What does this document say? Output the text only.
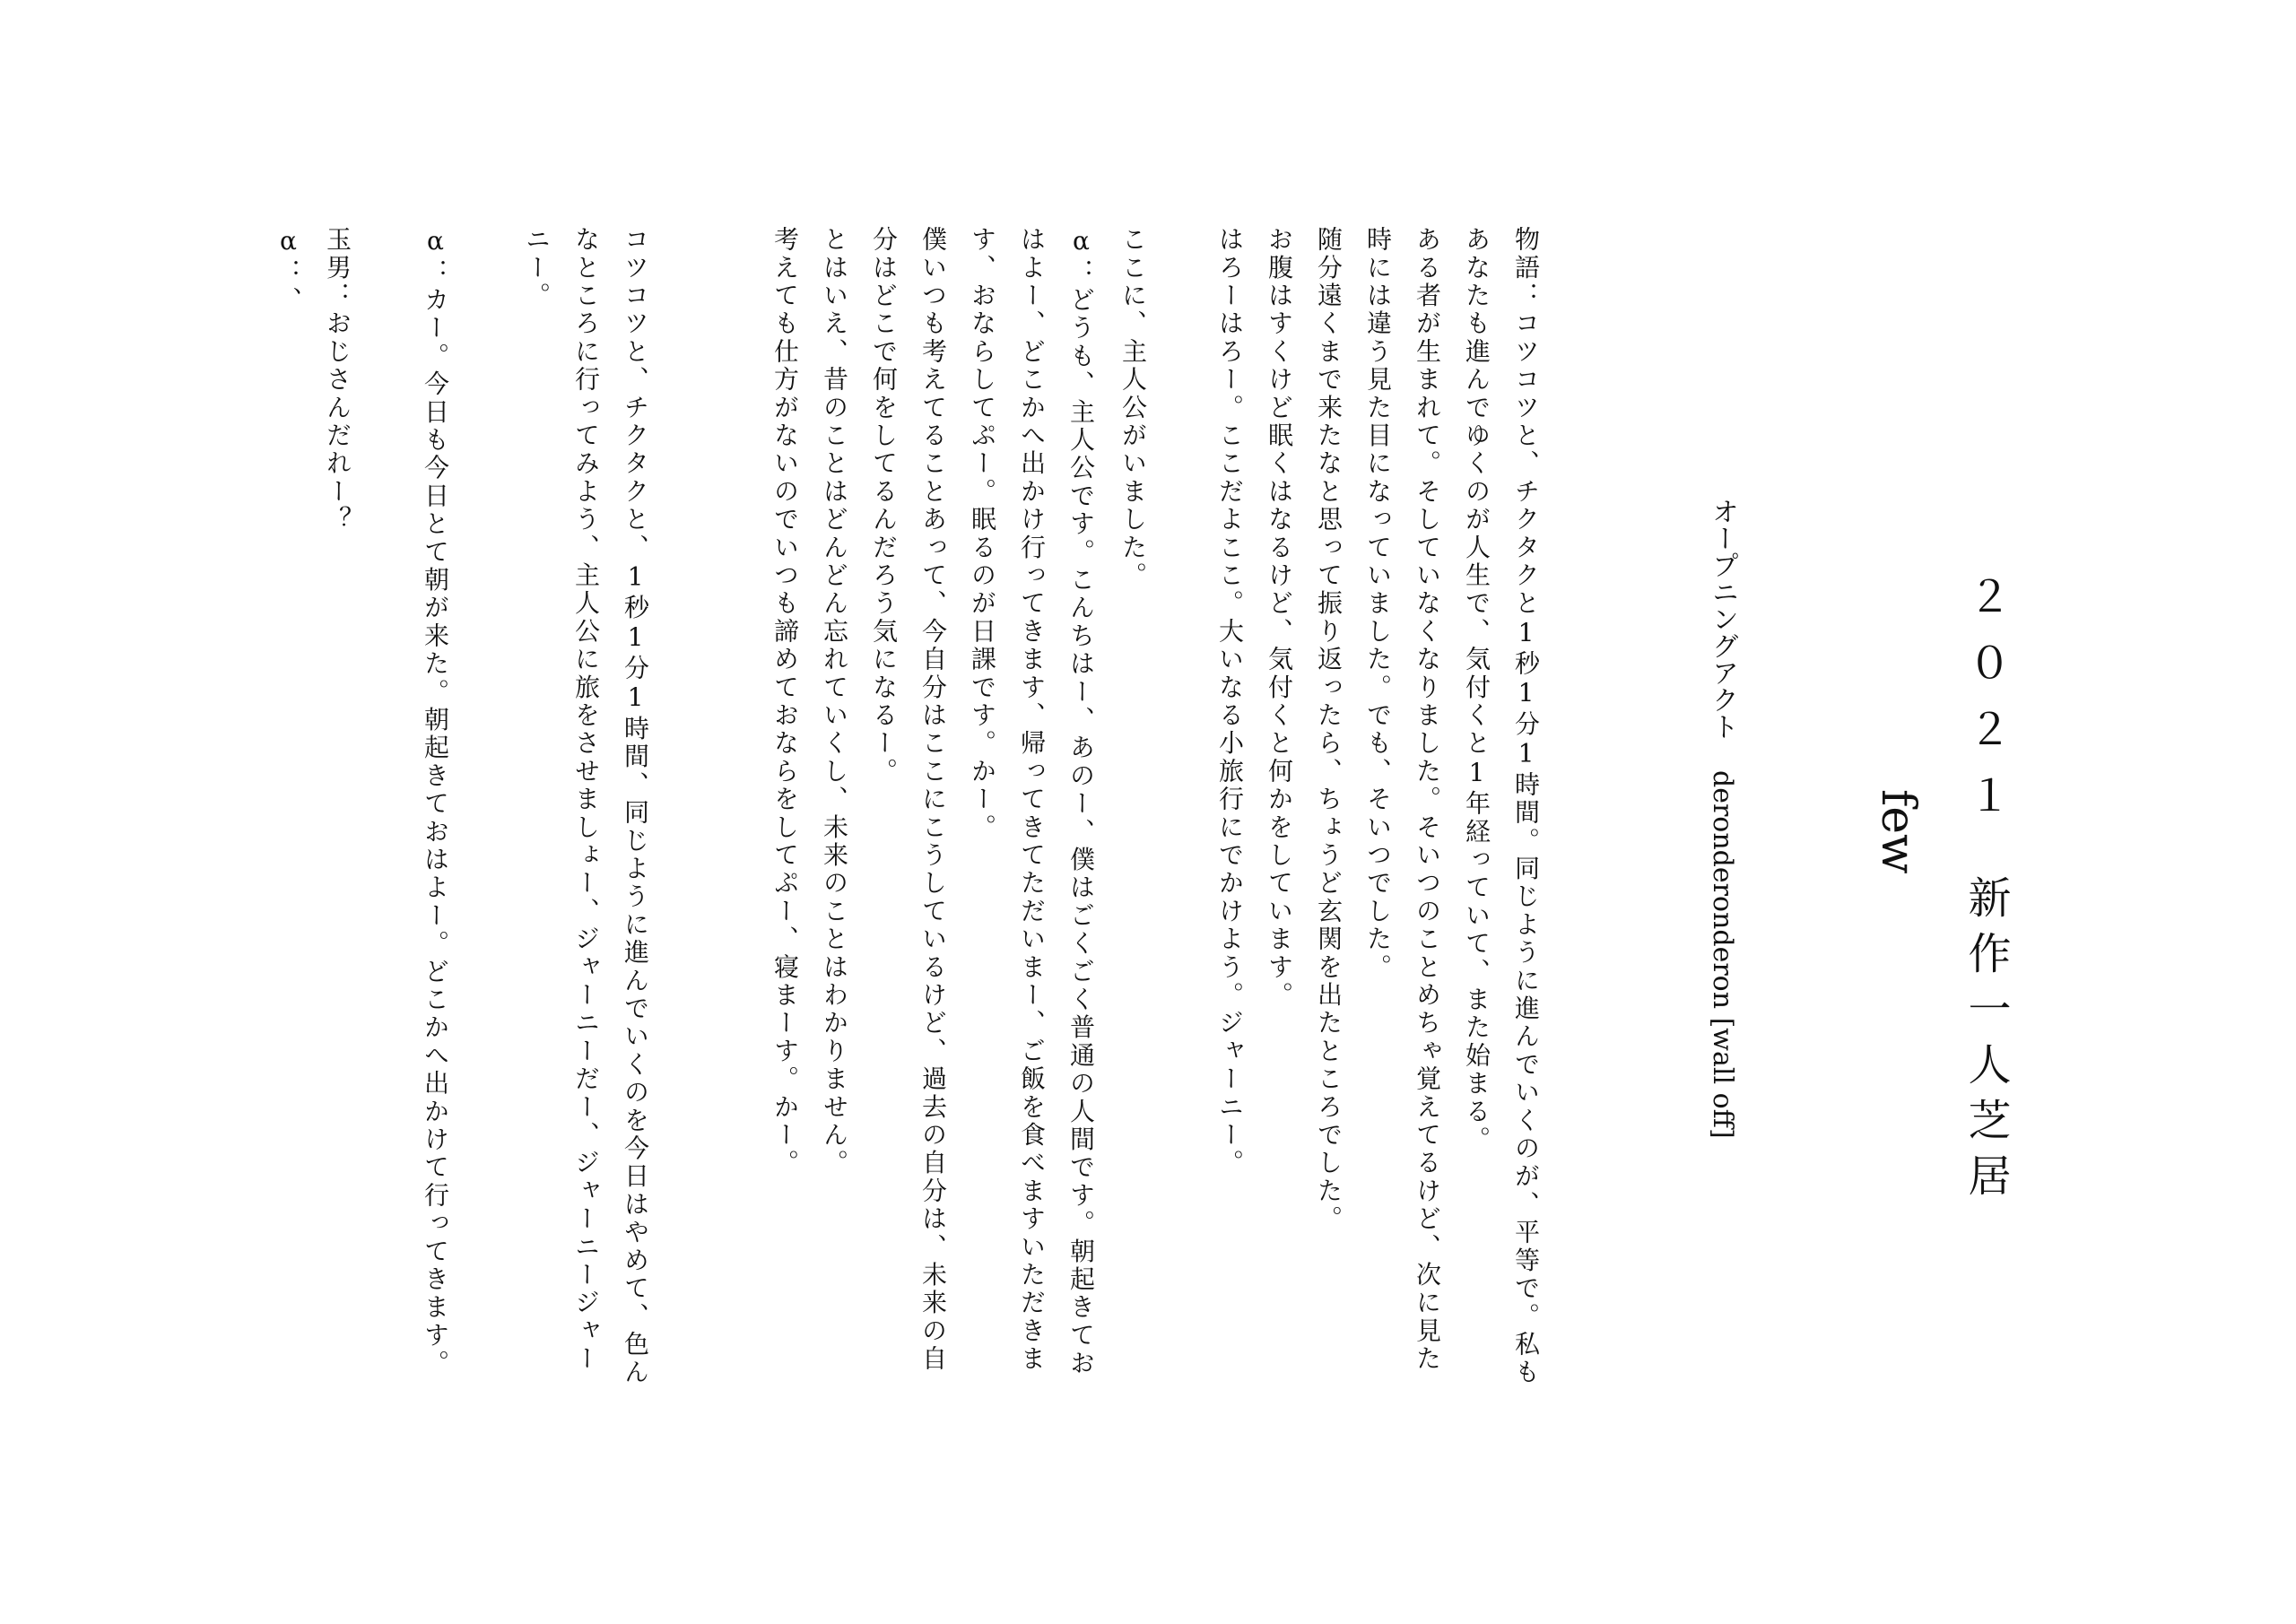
２０２１新作一人芝居
few
オープニングアクトderonderonderon [wall off]

物語：コツコツと、チクタクと1秒1分1時間。同じように進んでいくのが、平等で。私も

あなたも進んでゆくのが人生で、気付くと1年経っていて、また始まる。

ある者が生まれて。そしていなくなりました。そいつのことめちゃ覚えてるけど、次に見た

時には違う見た目になっていました。でも、そいつでした。

随分遠くまで来たなと思って振り返ったら、ちょうど玄関を出たところでした。

お腹はすくけど眠くはなるけど、気付くと何かをしています。

はろーはろー。ここだよここ。大いなる小旅行にでかけよう。ジャーニー。

ここに、主人公がいました。

α：どうも、主人公です。こんちはー、あのー、僕はごくごく普通の人間です。朝起きてお

はよー、どこかへ出かけ行ってきます、帰ってきてただいまー、ご飯を食べますいただきま

す、おならしてぷー。眠るのが日課です。かー。

僕いつも考えてることあって、今自分はここにこうしているけど、過去の自分は、未来の自

分はどこで何をしてるんだろう気になるー。

とはいえ、昔のことはどんどん忘れていくし、未来のことはわかりません。

考えても仕方がないのでいつも諦めておならをしてぷー、寝まーす。かー。

コツコツと、チクタクと、1秒1分1時間、同じように進んでいくのを今日はやめて、色ん

なところに行ってみよう、主人公に旅をさせましょー、ジャーニーだー、ジャーニージャー

ニー。

α：カー。今日も今日とて朝が来た。朝起きておはよー。どこかへ出かけて行ってきます。

玉男：おじさんだれー？

α：、
